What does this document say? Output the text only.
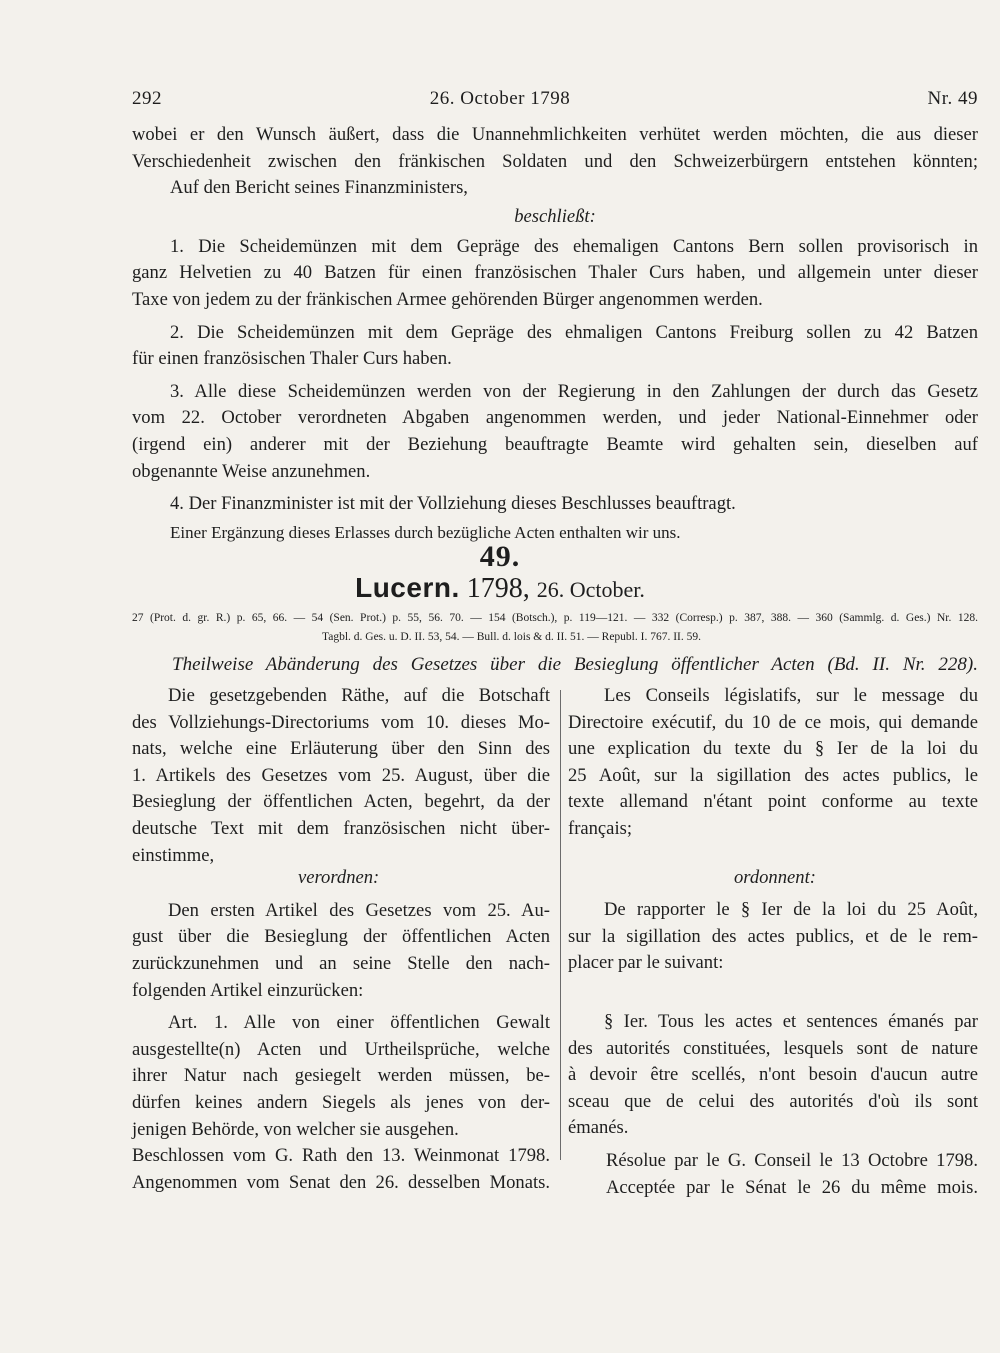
292	26. October 1798	Nr. 49
wobei er den Wunsch äußert, dass die Unannehmlichkeiten verhütet werden möchten, die aus dieser
Verschiedenheit zwischen den fränkischen Soldaten und den Schweizerbürgern entstehen könnten;
Auf den Bericht seines Finanzministers,
beschließt:
1. Die Scheidemünzen mit dem Gepräge des ehemaligen Cantons Bern sollen provisorisch in
ganz Helvetien zu 40 Batzen für einen französischen Thaler Curs haben, und allgemein unter dieser
Taxe von jedem zu der fränkischen Armee gehörenden Bürger angenommen werden.
2. Die Scheidemünzen mit dem Gepräge des ehmaligen Cantons Freiburg sollen zu 42 Batzen
für einen französischen Thaler Curs haben.
3. Alle diese Scheidemünzen werden von der Regierung in den Zahlungen der durch das Gesetz
vom 22. October verordneten Abgaben angenommen werden, und jeder National-Einnehmer oder
(irgend ein) anderer mit der Beziehung beauftragte Beamte wird gehalten sein, dieselben auf
obgenannte Weise anzunehmen.
4. Der Finanzminister ist mit der Vollziehung dieses Beschlusses beauftragt.
Einer Ergänzung dieses Erlasses durch bezügliche Acten enthalten wir uns.
49.
Lucern. 1798, 26. October.
27 (Prot. d. gr. R.) p. 65, 66. — 54 (Sen. Prot.) p. 55, 56. 70. — 154 (Botsch.), p. 119—121. — 332 (Corresp.) p. 387, 388. — 360 (Sammlg. d. Ges.) Nr. 128.
Tagbl. d. Ges. u. D. II. 53, 54. — Bull. d. lois & d. II. 51. — Republ. I. 767. II. 59.
Theilweise Abänderung des Gesetzes über die Besieglung öffentlicher Acten (Bd. II. Nr. 228).
Die gesetzgebenden Räthe, auf die Botschaft
des Vollziehungs-Directoriums vom 10. dieses Mo-
nats, welche eine Erläuterung über den Sinn des
1. Artikels des Gesetzes vom 25. August, über die
Besieglung der öffentlichen Acten, begehrt, da der
deutsche Text mit dem französischen nicht über-
einstimme,
verordnen:
Den ersten Artikel des Gesetzes vom 25. Au-
gust über die Besieglung der öffentlichen Acten
zurückzunehmen und an seine Stelle den nach-
folgenden Artikel einzurücken:
Art. 1. Alle von einer öffentlichen Gewalt
ausgestellte(n) Acten und Urtheilsprüche, welche
ihrer Natur nach gesiegelt werden müssen, be-
dürfen keines andern Siegels als jenes von der-
jenigen Behörde, von welcher sie ausgehen.
Beschlossen vom G. Rath den 13. Weinmonat 1798.
Angenommen vom Senat den 26. desselben Monats.
Les Conseils législatifs, sur le message du
Directoire exécutif, du 10 de ce mois, qui demande
une explication du texte du § Ier de la loi du
25 Août, sur la sigillation des actes publics, le
texte allemand n'étant point conforme au texte
français;
ordonnent:
De rapporter le § Ier de la loi du 25 Août,
sur la sigillation des actes publics, et de le rem-
placer par le suivant:
§ Ier. Tous les actes et sentences émanés par
des autorités constituées, lesquels sont de nature
à devoir être scellés, n'ont besoin d'aucun autre
sceau que de celui des autorités d'où ils sont
émanés.
Résolue par le G. Conseil le 13 Octobre 1798.
Acceptée par le Sénat le 26 du même mois.
